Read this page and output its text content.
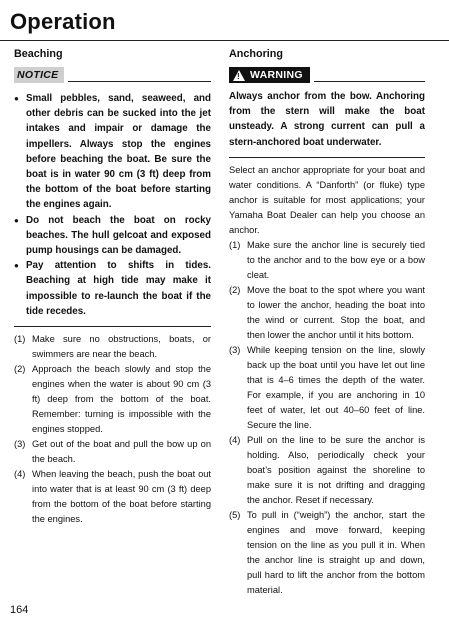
Operation
Beaching
NOTICE
● Small pebbles, sand, seaweed, and other debris can be sucked into the jet intakes and impair or damage the impellers. Always stop the engines before beaching the boat. Be sure the boat is in water 90 cm (3 ft) deep from the bottom of the boat before starting the engines again.
● Do not beach the boat on rocky beaches. The hull gelcoat and exposed pump housings can be damaged.
● Pay attention to shifts in tides. Beaching at high tide may make it impossible to re-launch the boat if the tide recedes.
(1) Make sure no obstructions, boats, or swimmers are near the beach.
(2) Approach the beach slowly and stop the engines when the water is about 90 cm (3 ft) deep from the bottom of the boat. Remember: turning is impossible with the engines stopped.
(3) Get out of the boat and pull the bow up on the beach.
(4) When leaving the beach, push the boat out into water that is at least 90 cm (3 ft) deep from the bottom of the boat before starting the engines.
Anchoring
! WARNING
Always anchor from the bow. Anchoring from the stern will make the boat unsteady. A strong current can pull a stern-anchored boat underwater.
Select an anchor appropriate for your boat and water conditions. A “Danforth” (or fluke) type anchor is suitable for most applications; your Yamaha Boat Dealer can help you choose an anchor.
(1) Make sure the anchor line is securely tied to the anchor and to the bow eye or a bow cleat.
(2) Move the boat to the spot where you want to lower the anchor, heading the boat into the wind or current. Stop the boat, and then lower the anchor until it hits bottom.
(3) While keeping tension on the line, slowly back up the boat until you have let out line that is 4–6 times the depth of the water. For example, if you are anchoring in 10 feet of water, let out 40–60 feet of line. Secure the line.
(4) Pull on the line to be sure the anchor is holding. Also, periodically check your boat’s position against the shoreline to make sure it is not drifting and dragging the anchor. Reset if necessary.
(5) To pull in (“weigh”) the anchor, start the engines and move forward, keeping tension on the line as you pull it in. When the anchor line is straight up and down, pull hard to lift the anchor from the bottom material.
164
